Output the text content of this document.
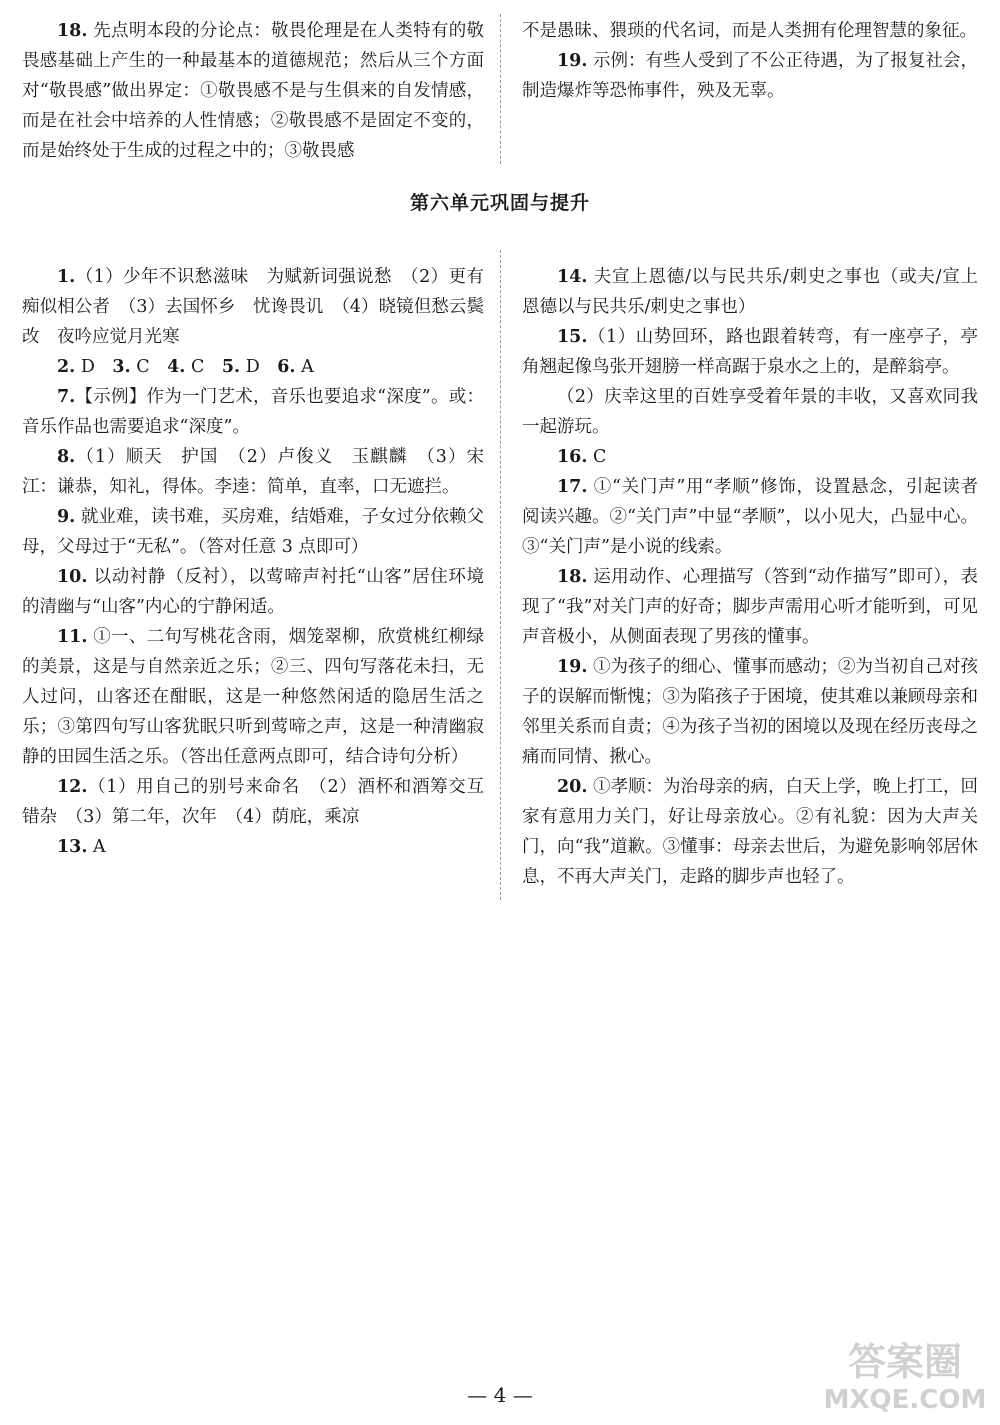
18. 先点明本段的分论点：敬畏伦理是在人类特有的敬畏感基础上产生的一种最基本的道德规范；然后从三个方面对“敬畏感”做出界定：①敬畏感不是与生俱来的自发情感，而是在社会中培养的人性情感；②敬畏感不是固定不变的，而是始终处于生成的过程之中的；③敬畏感

不是愚昧、猥琐的代名词，而是人类拥有伦理智慧的象征。

19. 示例：有些人受到了不公正待遇，为了报复社会，制造爆炸等恐怖事件，殃及无辜。

第六单元巩固与提升

1.（1）少年不识愁滋味　为赋新词强说愁　（2）更有痴似相公者　（3）去国怀乡　忧谗畏讥　（4）晓镜但愁云鬓改　夜吟应觉月光寒

2. D　3. C　4. C　5. D　6. A

7.【示例】作为一门艺术，音乐也要追求“深度”。或：音乐作品也需要追求“深度”。

8.（1）顺天　护国　（2）卢俊义　玉麒麟　（3）宋江：谦恭，知礼，得体。李逵：简单，直率，口无遮拦。

9. 就业难，读书难，买房难，结婚难，子女过分依赖父母，父母过于“无私”。（答对任意 3 点即可）

10. 以动衬静（反衬），以莺啼声衬托“山客”居住环境的清幽与“山客”内心的宁静闲适。

11. ①一、二句写桃花含雨，烟笼翠柳，欣赏桃红柳绿的美景，这是与自然亲近之乐；②三、四句写落花未扫，无人过问，山客还在酣眠，这是一种悠然闲适的隐居生活之乐；③第四句写山客犹眠只听到莺啼之声，这是一种清幽寂静的田园生活之乐。（答出任意两点即可，结合诗句分析）

12.（1）用自己的别号来命名　（2）酒杯和酒筹交互错杂　（3）第二年，次年　（4）荫庇，乘凉

13. A

14. 夫宣上恩德/以与民共乐/刺史之事也（或夫/宣上恩德以与民共乐/刺史之事也）

15.（1）山势回环，路也跟着转弯，有一座亭子，亭角翘起像鸟张开翅膀一样高踞于泉水之上的，是醉翁亭。

（2）庆幸这里的百姓享受着年景的丰收，又喜欢同我一起游玩。

16. C

17. ①“关门声”用“孝顺”修饰，设置悬念，引起读者阅读兴趣。②“关门声”中显“孝顺”，以小见大，凸显中心。③“关门声”是小说的线索。

18. 运用动作、心理描写（答到“动作描写”即可），表现了“我”对关门声的好奇；脚步声需用心听才能听到，可见声音极小，从侧面表现了男孩的懂事。

19. ①为孩子的细心、懂事而感动；②为当初自己对孩子的误解而惭愧；③为陷孩子于困境，使其难以兼顾母亲和邻里关系而自责；④为孩子当初的困境以及现在经历丧母之痛而同情、揪心。

20. ①孝顺：为治母亲的病，白天上学，晚上打工，回家有意用力关门，好让母亲放心。②有礼貌：因为大声关门，向“我”道歉。③懂事：母亲去世后，为避免影响邻居休息，不再大声关门，走路的脚步声也轻了。

— 4 —
答案圈
MXQE.COM
